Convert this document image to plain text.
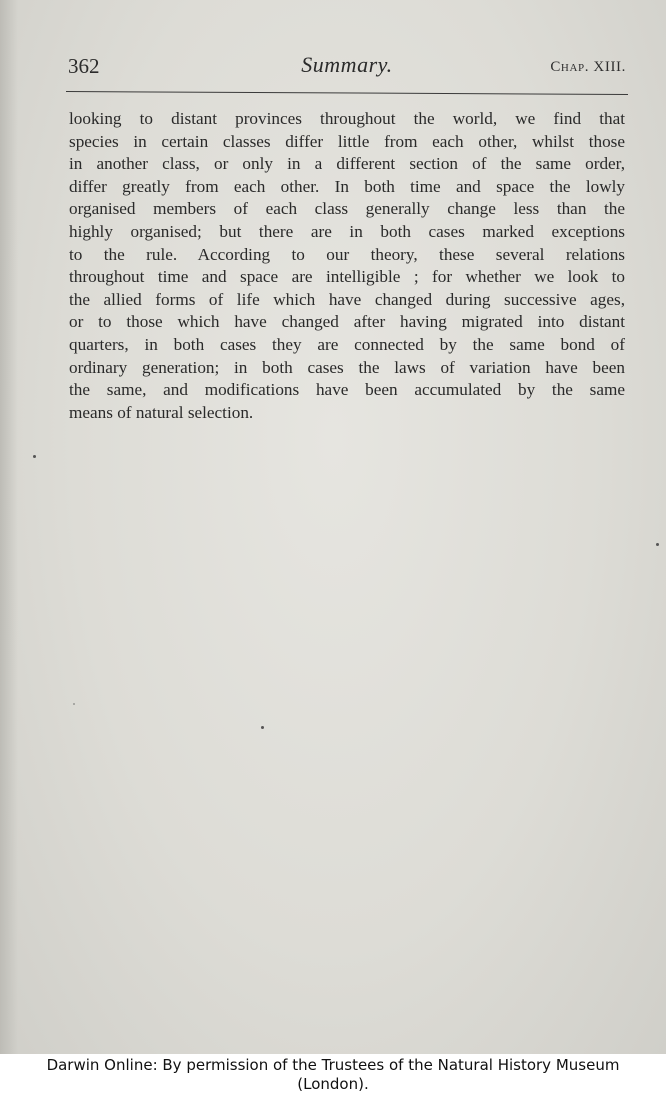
362	Summary.	Chap. XIII.
looking to distant provinces throughout the world, we find that
species in certain classes differ little from each other, whilst those
in another class, or only in a different section of the same order,
differ greatly from each other. In both time and space the lowly
organised members of each class generally change less than the
highly organised; but there are in both cases marked exceptions
to the rule. According to our theory, these several relations
throughout time and space are intelligible ; for whether we look to
the allied forms of life which have changed during successive ages,
or to those which have changed after having migrated into distant
quarters, in both cases they are connected by the same bond of
ordinary generation; in both cases the laws of variation have been
the same, and modifications have been accumulated by the same
means of natural selection.
Darwin Online: By permission of the Trustees of the Natural History Museum
(London).
